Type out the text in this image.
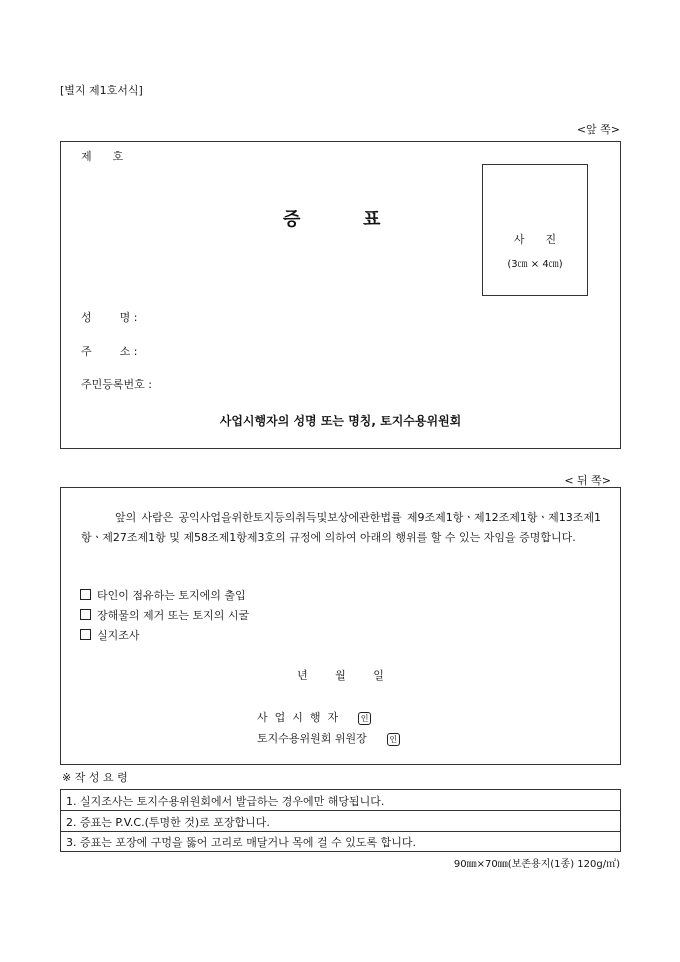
[별지 제1호서식]
<앞 쪽>
제      호
증          표
사      진
(3㎝ × 4㎝)
성        명 :
주        소 :
주민등록번호 :
사업시행자의 성명 또는 명칭, 토지수용위원회
< 뒤 쪽>
앞의 사람은 공익사업을위한토지등의취득및보상에관한법률 제9조제1항ㆍ제12조제1항ㆍ제13조제1항ㆍ제27조제1항 및 제58조제1항제3호의 규정에 의하여 아래의 행위를 할 수 있는 자임을 증명합니다.
타인이 점유하는 토지에의 출입
장해물의 제거 또는 토지의 시굴
실지조사
년 월 일
사  업  시  행  자	인
토지수용위원회 위원장	인
※ 작 성 요 령
1. 실지조사는 토지수용위원회에서 발급하는 경우에만 해당됩니다.
2. 증표는 P.V.C.(투명한 것)로 포장합니다.
3. 증표는 포장에 구멍을 뚫어 고리로 매달거나 목에 걸 수 있도록 합니다.
90㎜×70㎜(보존용지(1종) 120g/㎡)
